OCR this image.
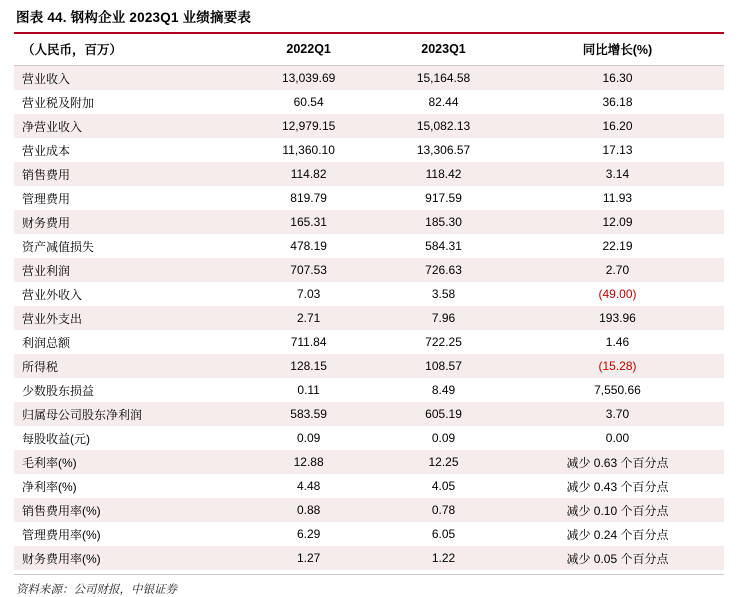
图表 44. 钢构企业 2023Q1 业绩摘要表
（人民币，百万）	2022Q1	2023Q1	同比增长(%)
营业收入	13,039.69	15,164.58	16.30
营业税及附加	60.54	82.44	36.18
净营业收入	12,979.15	15,082.13	16.20
营业成本	11,360.10	13,306.57	17.13
销售费用	114.82	118.42	3.14
管理费用	819.79	917.59	11.93
财务费用	165.31	185.30	12.09
资产减值损失	478.19	584.31	22.19
营业利润	707.53	726.63	2.70
营业外收入	7.03	3.58	(49.00)
营业外支出	2.71	7.96	193.96
利润总额	711.84	722.25	1.46
所得税	128.15	108.57	(15.28)
少数股东损益	0.11	8.49	7,550.66
归属母公司股东净利润	583.59	605.19	3.70
每股收益(元)	0.09	0.09	0.00
毛利率(%)	12.88	12.25	减少 0.63 个百分点
净利率(%)	4.48	4.05	减少 0.43 个百分点
销售费用率(%)	0.88	0.78	减少 0.10 个百分点
管理费用率(%)	6.29	6.05	减少 0.24 个百分点
财务费用率(%)	1.27	1.22	减少 0.05 个百分点
资料来源：公司财报，中银证券
